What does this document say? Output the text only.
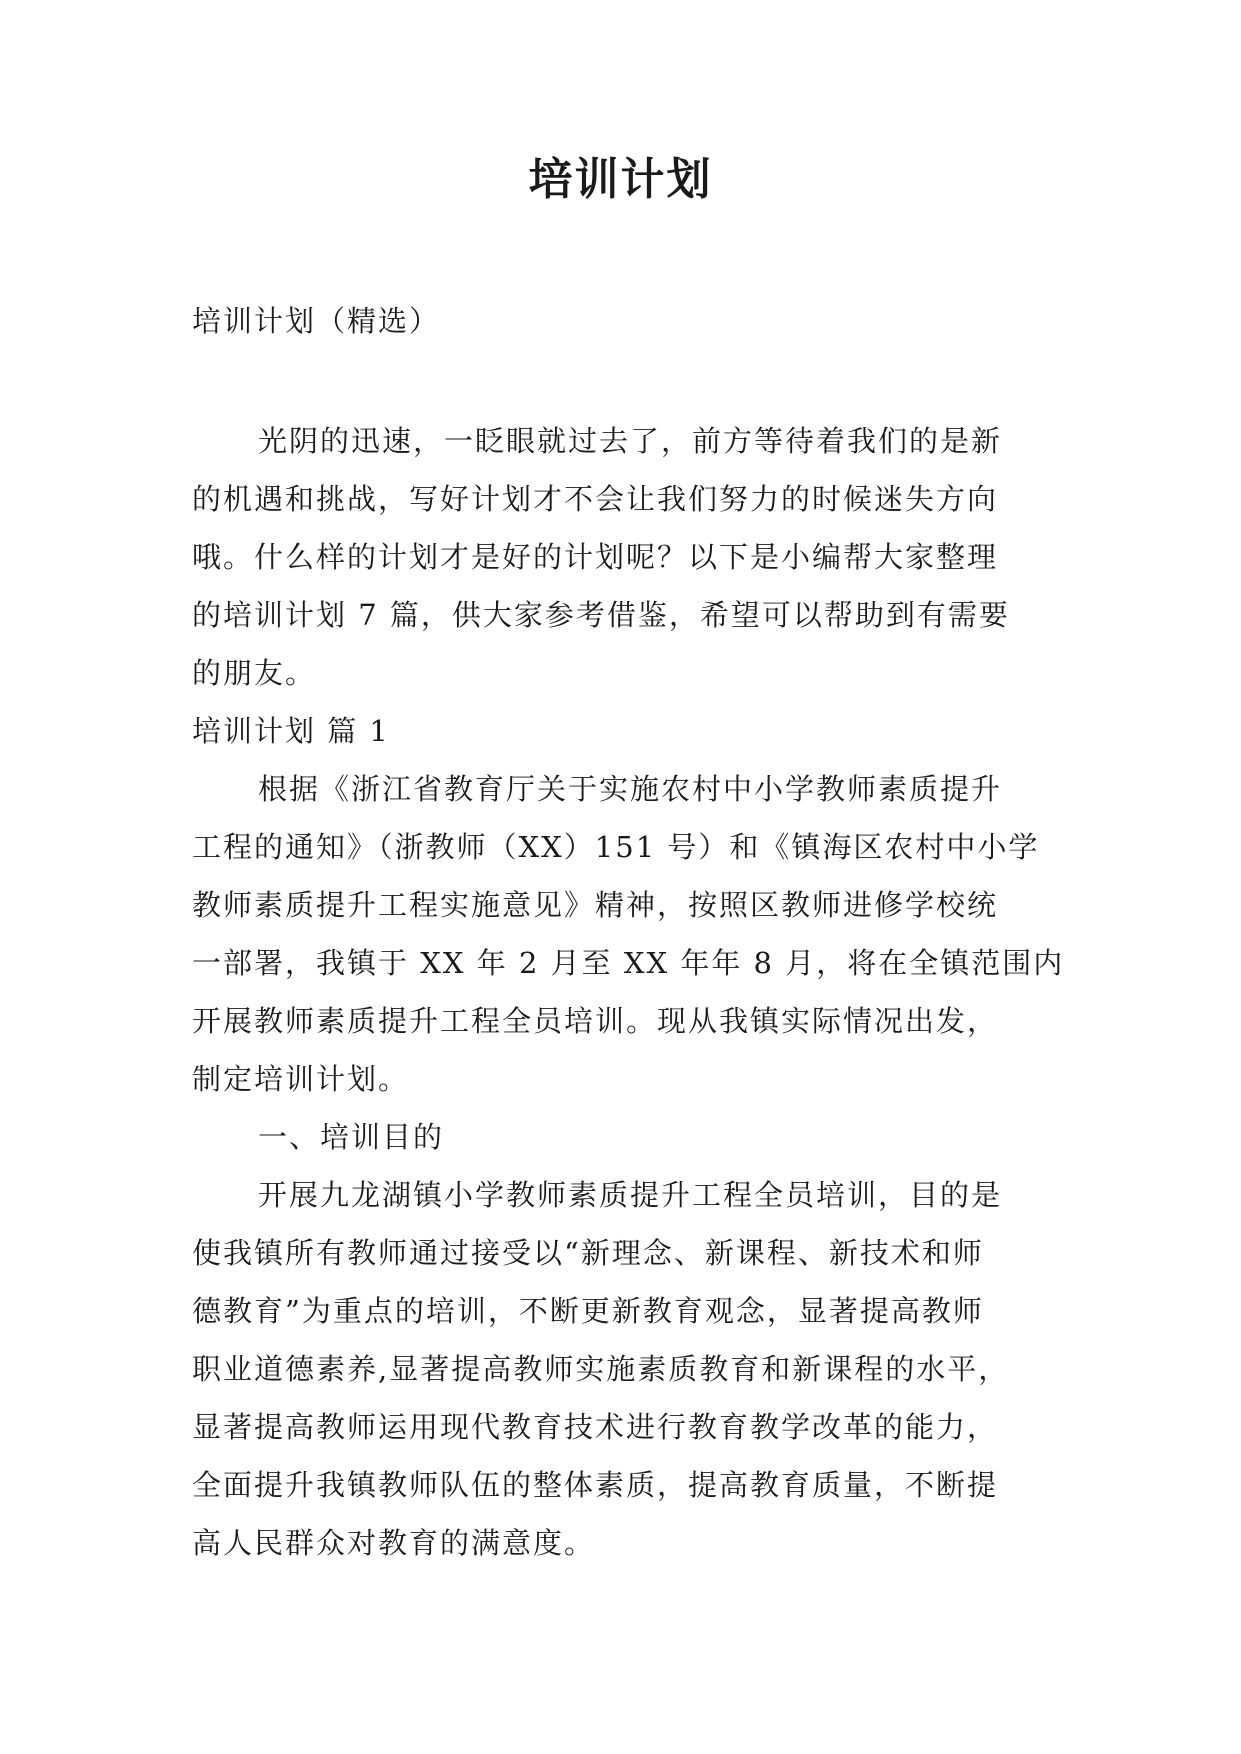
培训计划
培训计划（精选）
光阴的迅速，一眨眼就过去了，前方等待着我们的是新
的机遇和挑战，写好计划才不会让我们努力的时候迷失方向
哦。什么样的计划才是好的计划呢？以下是小编帮大家整理
的培训计划 7 篇，供大家参考借鉴，希望可以帮助到有需要
的朋友。
培训计划 篇 1
根据《浙江省教育厅关于实施农村中小学教师素质提升
工程的通知》（浙教师（XX）151 号）和《镇海区农村中小学
教师素质提升工程实施意见》精神，按照区教师进修学校统
一部署，我镇于 XX 年 2 月至 XX 年年 8 月，将在全镇范围内
开展教师素质提升工程全员培训。现从我镇实际情况出发，
制定培训计划。
一、培训目的
开展九龙湖镇小学教师素质提升工程全员培训，目的是
使我镇所有教师通过接受以“新理念、新课程、新技术和师
德教育”为重点的培训，不断更新教育观念，显著提高教师
职业道德素养,显著提高教师实施素质教育和新课程的水平，
显著提高教师运用现代教育技术进行教育教学改革的能力，
全面提升我镇教师队伍的整体素质，提高教育质量，不断提
高人民群众对教育的满意度。
